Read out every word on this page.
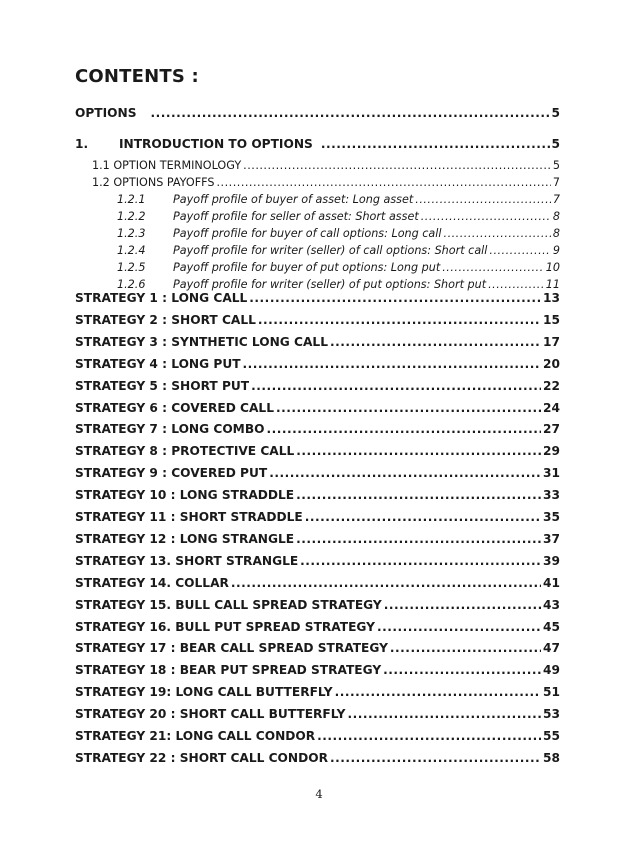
CONTENTS :
OPTIONS .....	5
1.	INTRODUCTION TO OPTIONS .....	5
1.1 OPTION TERMINOLOGY .....	5
1.2 OPTIONS PAYOFFS .....	7
1.2.1 Payoff profile of buyer of asset: Long asset .....	7
1.2.2 Payoff profile for seller of asset: Short asset .....	8
1.2.3 Payoff profile for buyer of call options: Long call .....	8
1.2.4 Payoff profile for writer (seller) of call options: Short call .....	9
1.2.5 Payoff profile for buyer of put options: Long put .....	10
1.2.6 Payoff profile for writer (seller) of put options: Short put .....	11
STRATEGY 1 : LONG CALL .....	13
STRATEGY 2 : SHORT CALL .....	15
STRATEGY 3 : SYNTHETIC LONG CALL .....	17
STRATEGY 4 : LONG PUT .....	20
STRATEGY 5 : SHORT PUT .....	22
STRATEGY 6 : COVERED CALL .....	24
STRATEGY 7 : LONG COMBO .....	27
STRATEGY 8 : PROTECTIVE CALL .....	29
STRATEGY 9 : COVERED PUT .....	31
STRATEGY 10 : LONG STRADDLE .....	33
STRATEGY 11 : SHORT STRADDLE .....	35
STRATEGY 12 : LONG STRANGLE .....	37
STRATEGY 13. SHORT STRANGLE .....	39
STRATEGY 14. COLLAR .....	41
STRATEGY 15. BULL CALL SPREAD STRATEGY .....	43
STRATEGY 16. BULL PUT SPREAD STRATEGY .....	45
STRATEGY 17 : BEAR CALL SPREAD STRATEGY .....	47
STRATEGY 18 : BEAR PUT SPREAD STRATEGY .....	49
STRATEGY 19: LONG CALL BUTTERFLY .....	51
STRATEGY 20 : SHORT CALL BUTTERFLY .....	53
STRATEGY 21: LONG CALL CONDOR .....	55
STRATEGY 22 : SHORT CALL CONDOR .....	58
4
